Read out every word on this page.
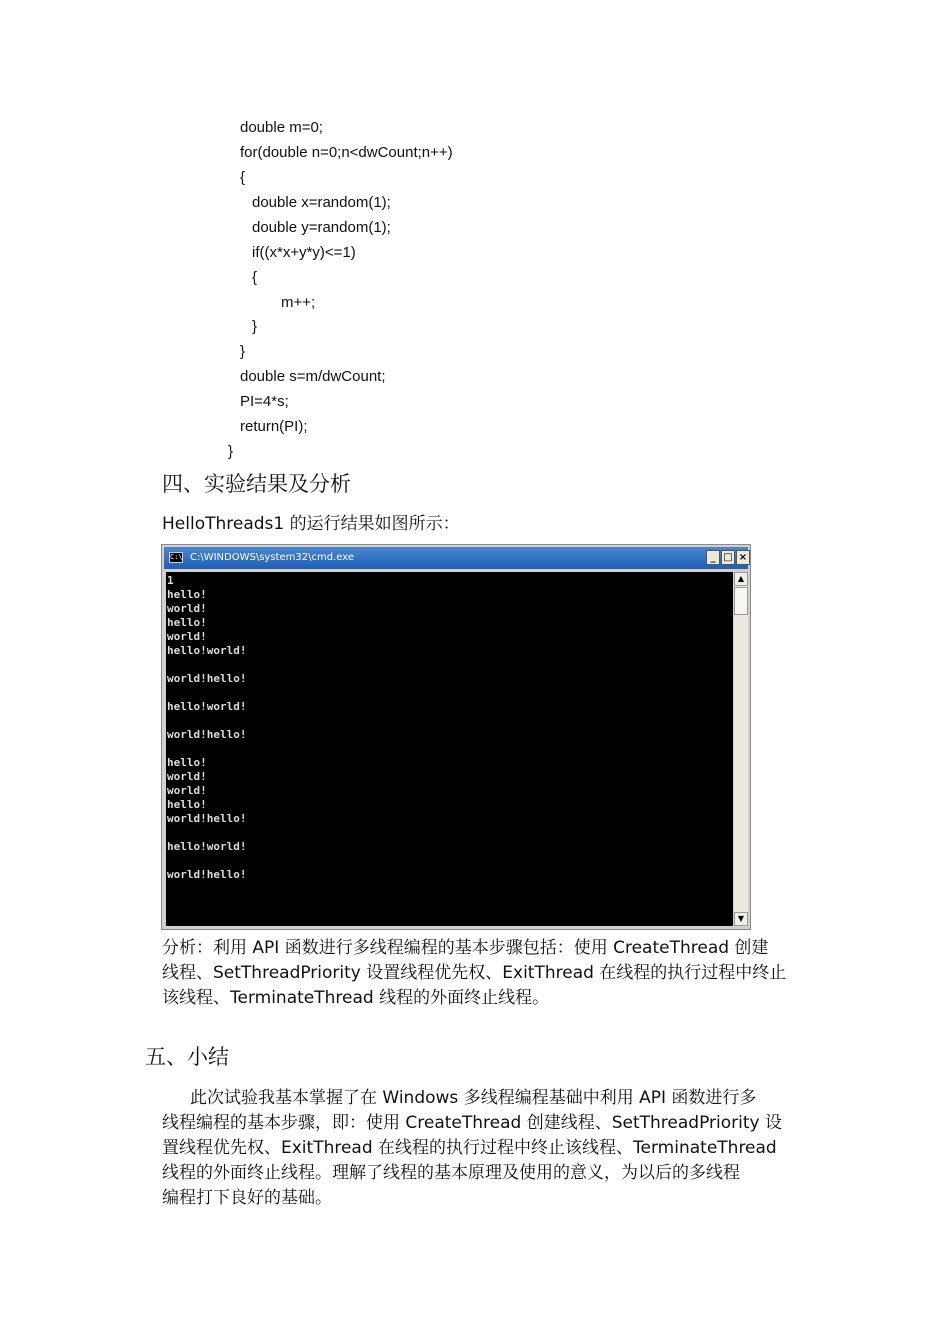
double m=0;
for(double n=0;n<dwCount;n++)
{
double x=random(1);
double y=random(1);
if((x*x+y*y)<=1)
{
m++;
}
}
double s=m/dwCount;
PI=4*s;
return(PI);
}
四、实验结果及分析
HelloThreads1 的运行结果如图所示：
C:\ C:\WINDOWS\system32\cmd.exe	_ □ ×
1
hello!
world!
hello!
world!
hello!world!
world!hello!
hello!world!
world!hello!
hello!
world!
world!
hello!
world!hello!
hello!world!
world!hello!
▲
▼
分析：利用 API 函数进行多线程编程的基本步骤包括：使用 CreateThread 创建
线程、SetThreadPriority 设置线程优先权、ExitThread 在线程的执行过程中终止
该线程、TerminateThread 线程的外面终止线程。
五、小结
此次试验我基本掌握了在 Windows 多线程编程基础中利用 API 函数进行多
线程编程的基本步骤，即：使用 CreateThread 创建线程、SetThreadPriority 设
置线程优先权、ExitThread 在线程的执行过程中终止该线程、TerminateThread
线程的外面终止线程。理解了线程的基本原理及使用的意义，为以后的多线程
编程打下良好的基础。
